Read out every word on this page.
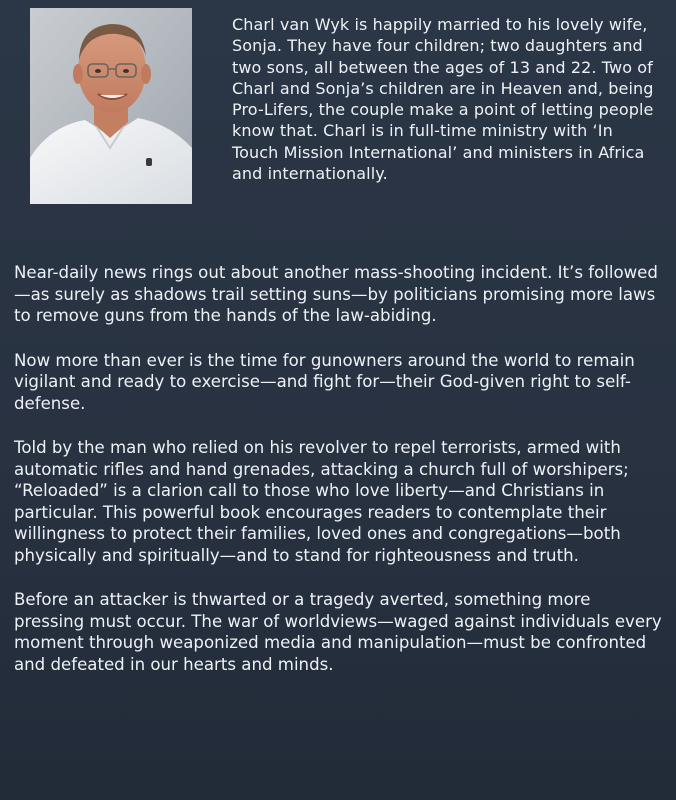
Charl van Wyk is happily married to his lovely wife, Sonja. They have four children; two daughters and two sons, all between the ages of 13 and 22. Two of Charl and Sonja’s children are in Heaven and, being Pro-Lifers, the couple make a point of letting people know that. Charl is in full-time ministry with ‘In Touch Mission International’ and ministers in Africa and internationally.

Near-daily news rings out about another mass-shooting incident. It’s followed—as surely as shadows trail setting suns—by politicians promising more laws to remove guns from the hands of the law-abiding.

Now more than ever is the time for gunowners around the world to remain vigilant and ready to exercise—and fight for—their God-given right to self-defense.

Told by the man who relied on his revolver to repel terrorists, armed with automatic rifles and hand grenades, attacking a church full of worshipers; “Reloaded” is a clarion call to those who love liberty—and Christians in particular. This powerful book encourages readers to contemplate their willingness to protect their families, loved ones and congregations—both physically and spiritually—and to stand for righteousness and truth.

Before an attacker is thwarted or a tragedy averted, something more pressing must occur. The war of worldviews—waged against individuals every moment through weaponized media and manipulation—must be confronted and defeated in our hearts and minds.
